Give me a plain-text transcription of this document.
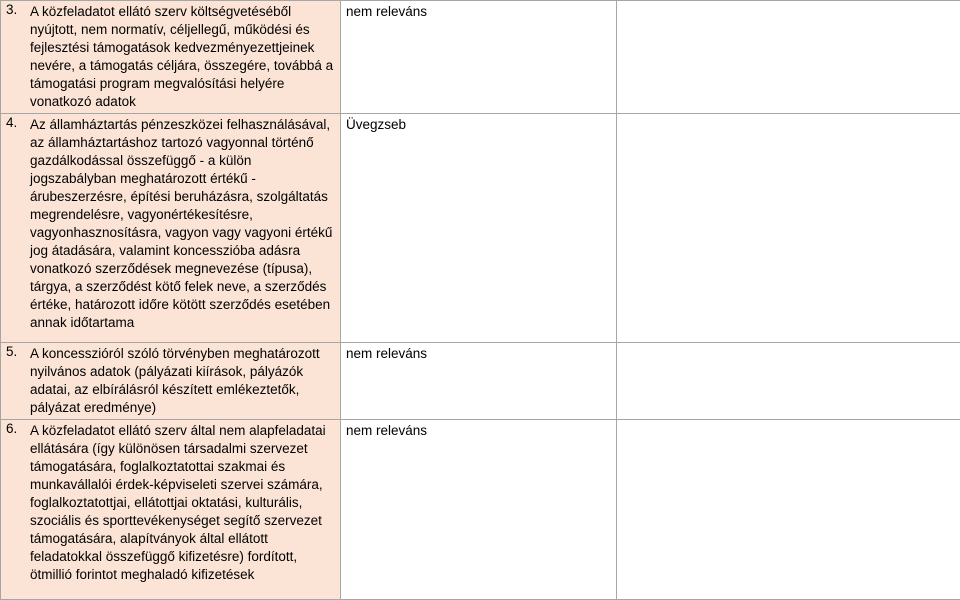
3. A közfeladatot ellátó szerv költségvetéséből nyújtott, nem normatív, céljellegű, működési és fejlesztési támogatások kedvezményezettjeinek nevére, a támogatás céljára, összegére, továbbá a támogatási program megvalósítási helyére vonatkozó adatok	nem releváns	

4. Az államháztartás pénzeszközei felhasználásával, az államháztartáshoz tartozó vagyonnal történő gazdálkodással összefüggő - a külön jogszabályban meghatározott értékű - árubeszerzésre, építési beruházásra, szolgáltatás megrendelésre, vagyonértékesítésre, vagyonhasznosításra, vagyon vagy vagyoni értékű jog átadására, valamint koncesszióba adásra vonatkozó szerződések megnevezése (típusa), tárgya, a szerződést kötő felek neve, a szerződés értéke, határozott időre kötött szerződés esetében annak időtartama	Üvegzseb	

5. A koncesszióról szóló törvényben meghatározott nyilvános adatok (pályázati kiírások, pályázók adatai, az elbírálásról készített emlékeztetők, pályázat eredménye)	nem releváns	

6. A közfeladatot ellátó szerv által nem alapfeladatai ellátására (így különösen társadalmi szervezet támogatására, foglalkoztatottai szakmai és munkavállalói érdek-képviseleti szervei számára, foglalkoztatottjai, ellátottjai oktatási, kulturális, szociális és sporttevékenységet segítő szervezet támogatására, alapítványok által ellátott feladatokkal összefüggő kifizetésre) fordított, ötmillió forintot meghaladó kifizetések	nem releváns	
